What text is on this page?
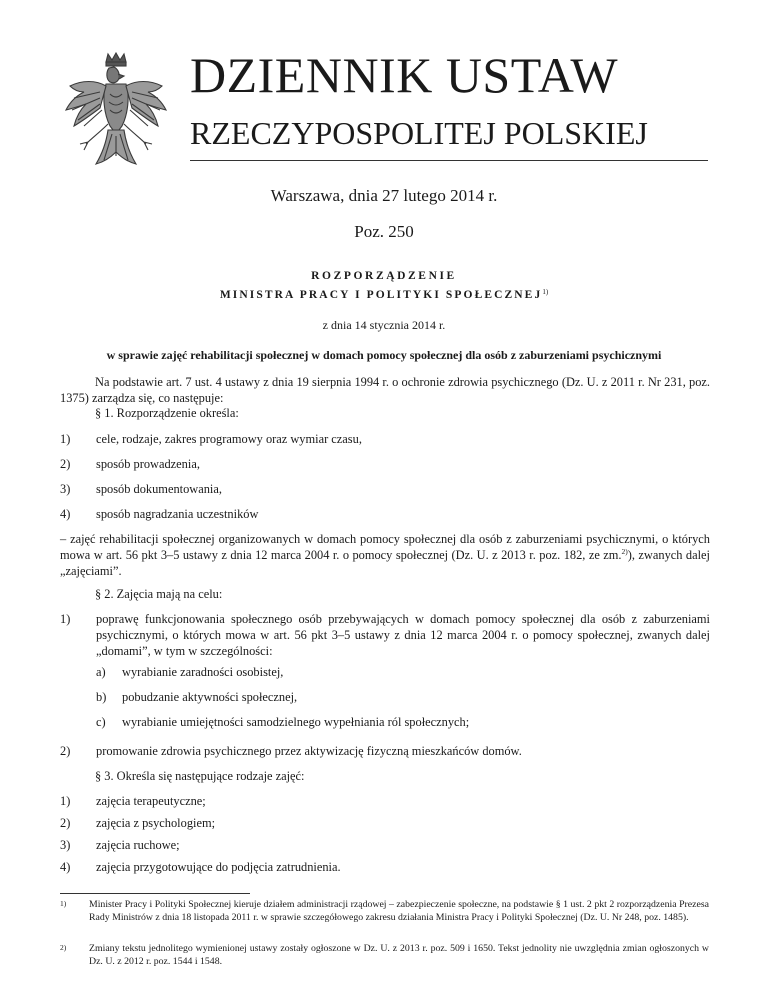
DZIENNIK USTAW
RZECZYPOSPOLITEJ POLSKIEJ
Warszawa, dnia 27 lutego 2014 r.
Poz. 250
ROZPORZĄDZENIE
MINISTRA PRACY I POLITYKI SPOŁECZNEJ$^{1)}$
z dnia 14 stycznia 2014 r.
w sprawie zajęć rehabilitacji społecznej w domach pomocy społecznej dla osób z zaburzeniami psychicznymi

Na podstawie art. 7 ust. 4 ustawy z dnia 19 sierpnia 1994 r. o ochronie zdrowia psychicznego (Dz. U. z 2011 r. Nr 231, poz. 1375) zarządza się, co następuje:

§ 1. Rozporządzenie określa:

1) cele, rodzaje, zakres programowy oraz wymiar czasu,
2) sposób prowadzenia,
3) sposób dokumentowania,
4) sposób nagradzania uczestników

– zajęć rehabilitacji społecznej organizowanych w domach pomocy społecznej dla osób z zaburzeniami psychicznymi, o których mowa w art. 56 pkt 3–5 ustawy z dnia 12 marca 2004 r. o pomocy społecznej (Dz. U. z 2013 r. poz. 182, ze zm.$^{2)}$), zwanych dalej „zajęciami”.

§ 2. Zajęcia mają na celu:

1) poprawę funkcjonowania społecznego osób przebywających w domach pomocy społecznej dla osób z zaburzeniami psychicznymi, o których mowa w art. 56 pkt 3–5 ustawy z dnia 12 marca 2004 r. o pomocy społecznej, zwanych dalej „domami”, w tym w szczególności:

a) wyrabianie zaradności osobistej,
b) pobudzanie aktywności społecznej,
c) wyrabianie umiejętności samodzielnego wypełniania ról społecznych;
2) promowanie zdrowia psychicznego przez aktywizację fizyczną mieszkańców domów.
1) Minister Pracy i Polityki Społecznej kieruje działem administracji rządowej – zabezpieczenie społeczne, na podstawie § 1 ust. 2 pkt 2 rozporządzenia Prezesa Rady Ministrów z dnia 18 listopada 2011 r. w sprawie szczegółowego zakresu działania Ministra Pracy i Polityki Społecznej (Dz. U. Nr 248, poz. 1485).

2) Zmiany tekstu jednolitego wymienionej ustawy zostały ogłoszone w Dz. U. z 2013 r. poz. 509 i 1650. Tekst jednolity nie uwzględnia zmian ogłoszonych w Dz. U. z 2012 r. poz. 1544 i 1548.

§ 3. Określa się następujące rodzaje zajęć:

1) zajęcia terapeutyczne;
2) zajęcia z psychologiem;
3) zajęcia ruchowe;
4) zajęcia przygotowujące do podjęcia zatrudnienia.
